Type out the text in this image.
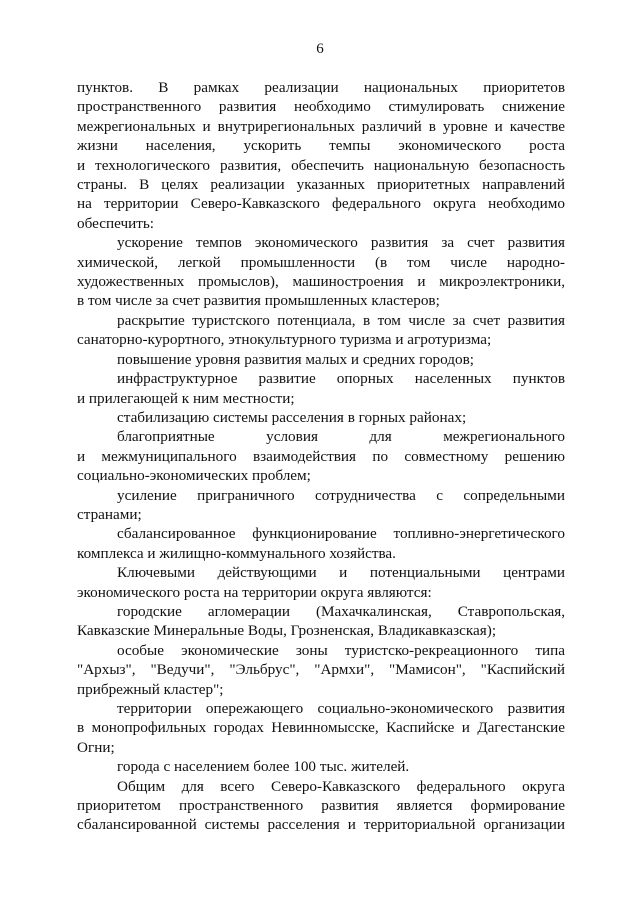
6

пунктов. В рамках реализации национальных приоритетов

пространственного развития необходимо стимулировать снижение

межрегиональных и внутрирегиональных различий в уровне и качестве

жизни населения, ускорить темпы экономического роста

и технологического развития, обеспечить национальную безопасность

страны. В целях реализации указанных приоритетных направлений

на территории Северо-Кавказского федерального округа необходимо

обеспечить:

ускорение темпов экономического развития за счет развития

химической, легкой промышленности (в том числе народно-

художественных промыслов), машиностроения и микроэлектроники,

в том числе за счет развития промышленных кластеров;

раскрытие туристского потенциала, в том числе за счет развития

санаторно-курортного, этнокультурного туризма и агротуризма;

повышение уровня развития малых и средних городов;

инфраструктурное развитие опорных населенных пунктов

и прилегающей к ним местности;

стабилизацию системы расселения в горных районах;

благоприятные условия для межрегионального

и межмуниципального взаимодействия по совместному решению

социально-экономических проблем;

усиление приграничного сотрудничества с сопредельными странами;

сбалансированное функционирование топливно-энергетического

комплекса и жилищно-коммунального хозяйства.

Ключевыми действующими и потенциальными центрами

экономического роста на территории округа являются:

городские агломерации (Махачкалинская, Ставропольская,

Кавказские Минеральные Воды, Грозненская, Владикавказская);

особые экономические зоны туристско-рекреационного типа

"Архыз", "Ведучи", "Эльбрус", "Армхи", "Мамисон", "Каспийский

прибрежный кластер";

территории опережающего социально-экономического развития

в монопрофильных городах Невинномысске, Каспийске и Дагестанские

Огни;

города с населением более 100 тыс. жителей.

Общим для всего Северо-Кавказского федерального округа

приоритетом пространственного развития является формирование

сбалансированной системы расселения и территориальной организации
